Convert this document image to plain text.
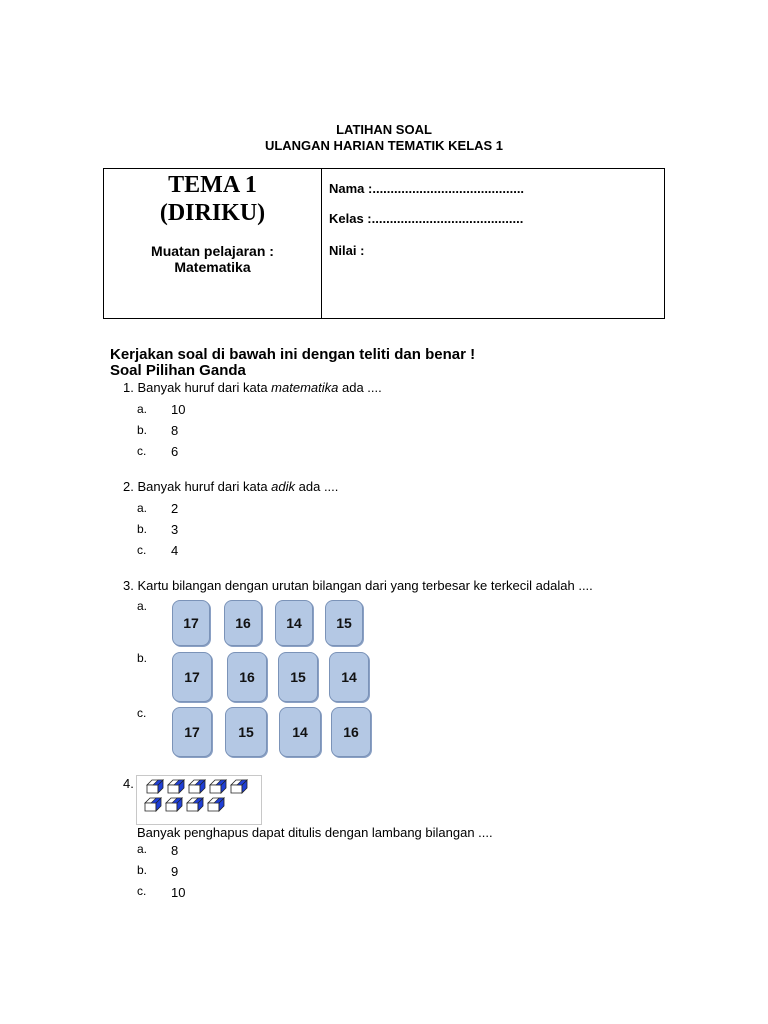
LATIHAN SOAL
ULANGAN HARIAN TEMATIK KELAS 1
TEMA 1
(DIRIKU)
Muatan pelajaran :
Matematika
Nama :..........................................
Kelas :..........................................
Nilai :
Kerjakan soal di bawah ini dengan teliti dan benar !
Soal Pilihan Ganda
1. Banyak huruf dari kata matematika ada ....
a. 10
b. 8
c. 6
2. Banyak huruf dari kata adik ada ....
a. 2
b. 3
c. 4
3. Kartu bilangan dengan urutan bilangan dari yang terbesar ke terkecil adalah ....
a.
b.
c.
17	16	14	15
17	16	15	14
17	15	14	16
4.
Banyak penghapus dapat ditulis dengan lambang bilangan ....
a. 8
b. 9
c. 10
